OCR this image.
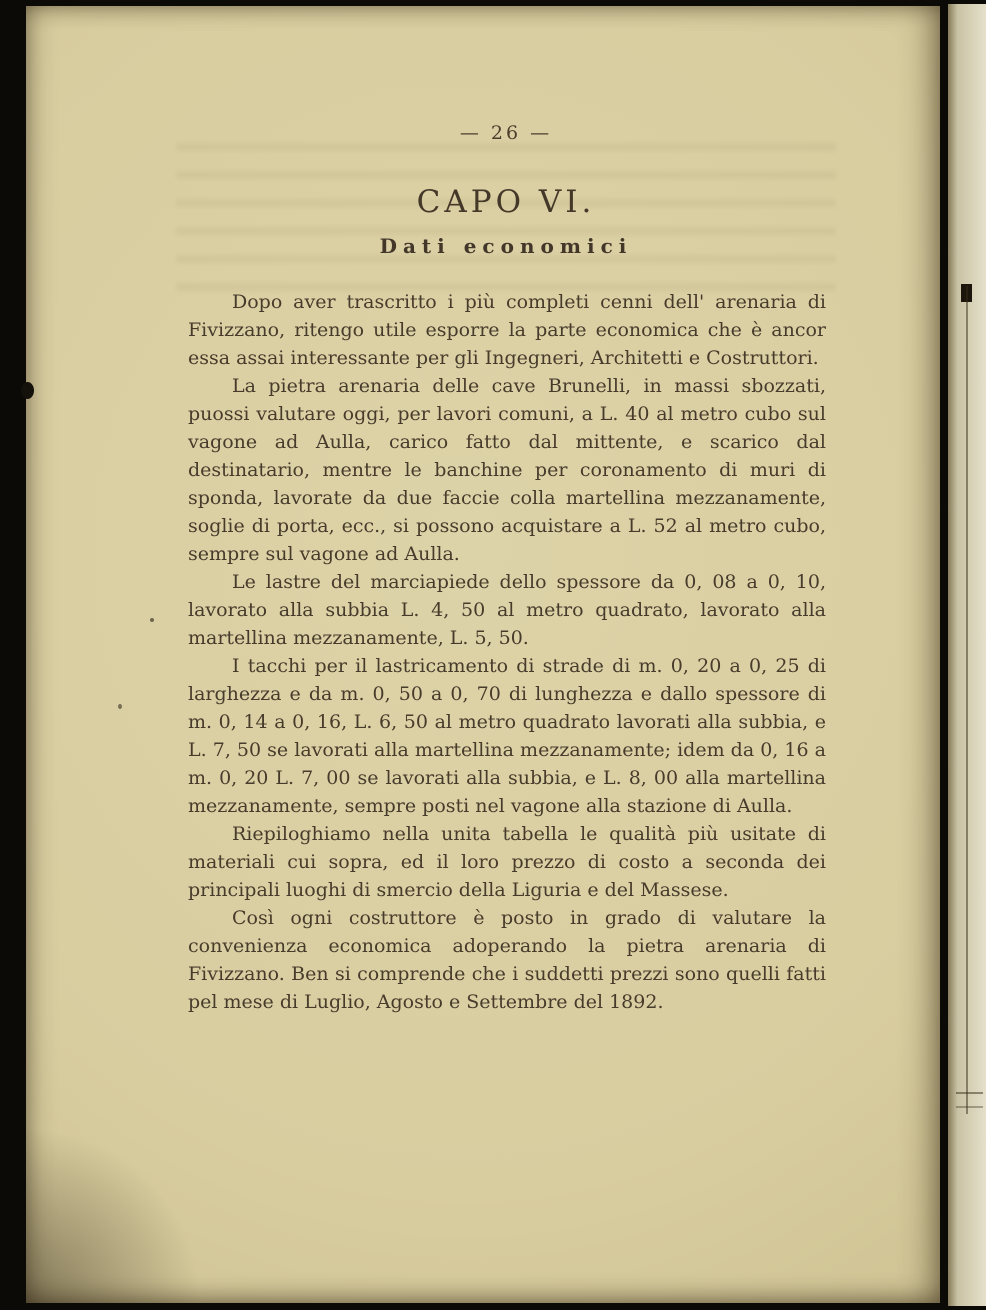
— 26 —
CAPO VI.
Dati economici

Dopo aver trascritto i più completi cenni dell' arenaria di Fivizzano, ritengo utile esporre la parte economica che è ancor essa assai interessante per gli Ingegneri, Architetti e Costruttori.

La pietra arenaria delle cave Brunelli, in massi sbozzati, puossi valutare oggi, per lavori comuni, a L. 40 al metro cubo sul vagone ad Aulla, carico fatto dal mittente, e scarico dal destinatario, mentre le banchine per coronamento di muri di sponda, lavorate da due faccie colla martellina mezzanamente, soglie di porta, ecc., si possono acquistare a L. 52 al metro cubo, sempre sul vagone ad Aulla.

Le lastre del marciapiede dello spessore da 0, 08 a 0, 10, lavorato alla subbia L. 4, 50 al metro quadrato, lavorato alla martellina mezzanamente, L. 5, 50.

I tacchi per il lastricamento di strade di m. 0, 20 a 0, 25 di larghezza e da m. 0, 50 a 0, 70 di lunghezza e dallo spessore di m. 0, 14 a 0, 16, L. 6, 50 al metro quadrato lavorati alla subbia, e L. 7, 50 se lavorati alla martellina mezzanamente; idem da 0, 16 a m. 0, 20 L. 7, 00 se lavorati alla subbia, e L. 8, 00 alla martellina mezzanamente, sempre posti nel vagone alla stazione di Aulla.

Riepiloghiamo nella unita tabella le qualità più usitate di materiali cui sopra, ed il loro prezzo di costo a seconda dei principali luoghi di smercio della Liguria e del Massese.

Così ogni costruttore è posto in grado di valutare la convenienza economica adoperando la pietra arenaria di Fivizzano. Ben si comprende che i suddetti prezzi sono quelli fatti pel mese di Luglio, Agosto e Settembre del 1892.
